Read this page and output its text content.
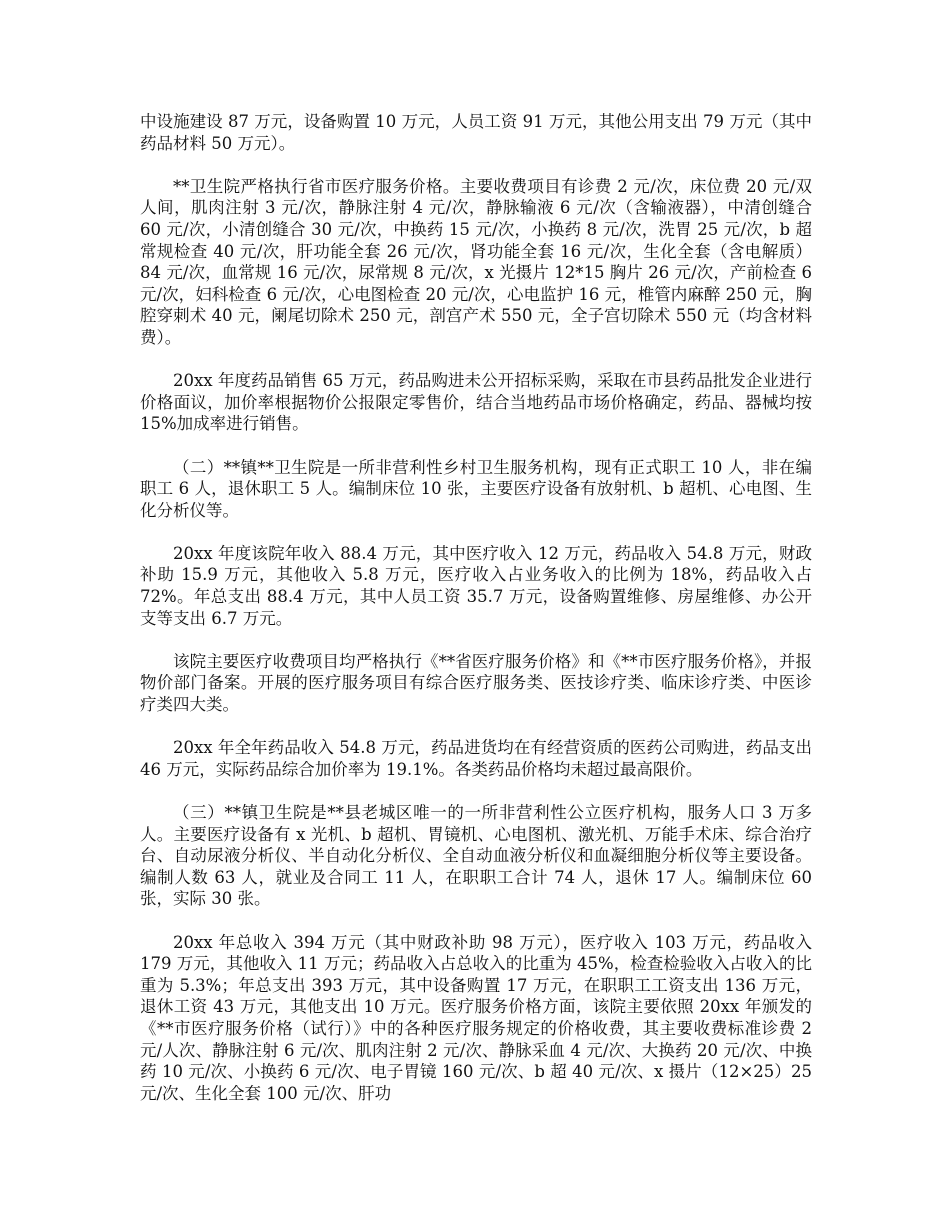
中设施建设 87 万元，设备购置 10 万元，人员工资 91 万元，其他公用支出 79 万元（其中药品材料 50 万元）。

**卫生院严格执行省市医疗服务价格。主要收费项目有诊费 2 元/次，床位费 20 元/双人间，肌肉注射 3 元/次，静脉注射 4 元/次，静脉输液 6 元/次（含输液器），中清创缝合 60 元/次，小清创缝合 30 元/次，中换药 15 元/次，小换药 8 元/次，洗胃 25 元/次，b 超常规检查 40 元/次，肝功能全套 26 元/次，肾功能全套 16 元/次，生化全套（含电解质）84 元/次，血常规 16 元/次，尿常规 8 元/次，x 光摄片 12*15 胸片 26 元/次，产前检查 6 元/次，妇科检查 6 元/次，心电图检查 20 元/次，心电监护 16 元，椎管内麻醉 250 元，胸腔穿刺术 40 元，阑尾切除术 250 元，剖宫产术 550 元，全子宫切除术 550 元（均含材料费）。

20xx 年度药品销售 65 万元，药品购进未公开招标采购，采取在市县药品批发企业进行价格面议，加价率根据物价公报限定零售价，结合当地药品市场价格确定，药品、器械均按 15%加成率进行销售。

（二）**镇**卫生院是一所非营利性乡村卫生服务机构，现有正式职工 10 人，非在编职工 6 人，退休职工 5 人。编制床位 10 张，主要医疗设备有放射机、b 超机、心电图、生化分析仪等。

20xx 年度该院年收入 88.4 万元，其中医疗收入 12 万元，药品收入 54.8 万元，财政补助 15.9 万元，其他收入 5.8 万元，医疗收入占业务收入的比例为 18%，药品收入占 72%。年总支出 88.4 万元，其中人员工资 35.7 万元，设备购置维修、房屋维修、办公开支等支出 6.7 万元。

该院主要医疗收费项目均严格执行《**省医疗服务价格》和《**市医疗服务价格》，并报物价部门备案。开展的医疗服务项目有综合医疗服务类、医技诊疗类、临床诊疗类、中医诊疗类四大类。

20xx 年全年药品收入 54.8 万元，药品进货均在有经营资质的医药公司购进，药品支出 46 万元，实际药品综合加价率为 19.1%。各类药品价格均未超过最高限价。

（三）**镇卫生院是**县老城区唯一的一所非营利性公立医疗机构，服务人口 3 万多人。主要医疗设备有 x 光机、b 超机、胃镜机、心电图机、激光机、万能手术床、综合治疗台、自动尿液分析仪、半自动化分析仪、全自动血液分析仪和血凝细胞分析仪等主要设备。编制人数 63 人，就业及合同工 11 人，在职职工合计 74 人，退休 17 人。编制床位 60 张，实际 30 张。

20xx 年总收入 394 万元（其中财政补助 98 万元），医疗收入 103 万元，药品收入 179 万元，其他收入 11 万元；药品收入占总收入的比重为 45%，检查检验收入占收入的比重为 5.3%；年总支出 393 万元，其中设备购置 17 万元，在职职工工资支出 136 万元，退休工资 43 万元，其他支出 10 万元。医疗服务价格方面，该院主要依照 20xx 年颁发的《**市医疗服务价格（试行）》中的各种医疗服务规定的价格收费，其主要收费标准诊费 2 元/人次、静脉注射 6 元/次、肌肉注射 2 元/次、静脉采血 4 元/次、大换药 20 元/次、中换药 10 元/次、小换药 6 元/次、电子胃镜 160 元/次、b 超 40 元/次、x 摄片（12×25）25 元/次、生化全套 100 元/次、肝功
